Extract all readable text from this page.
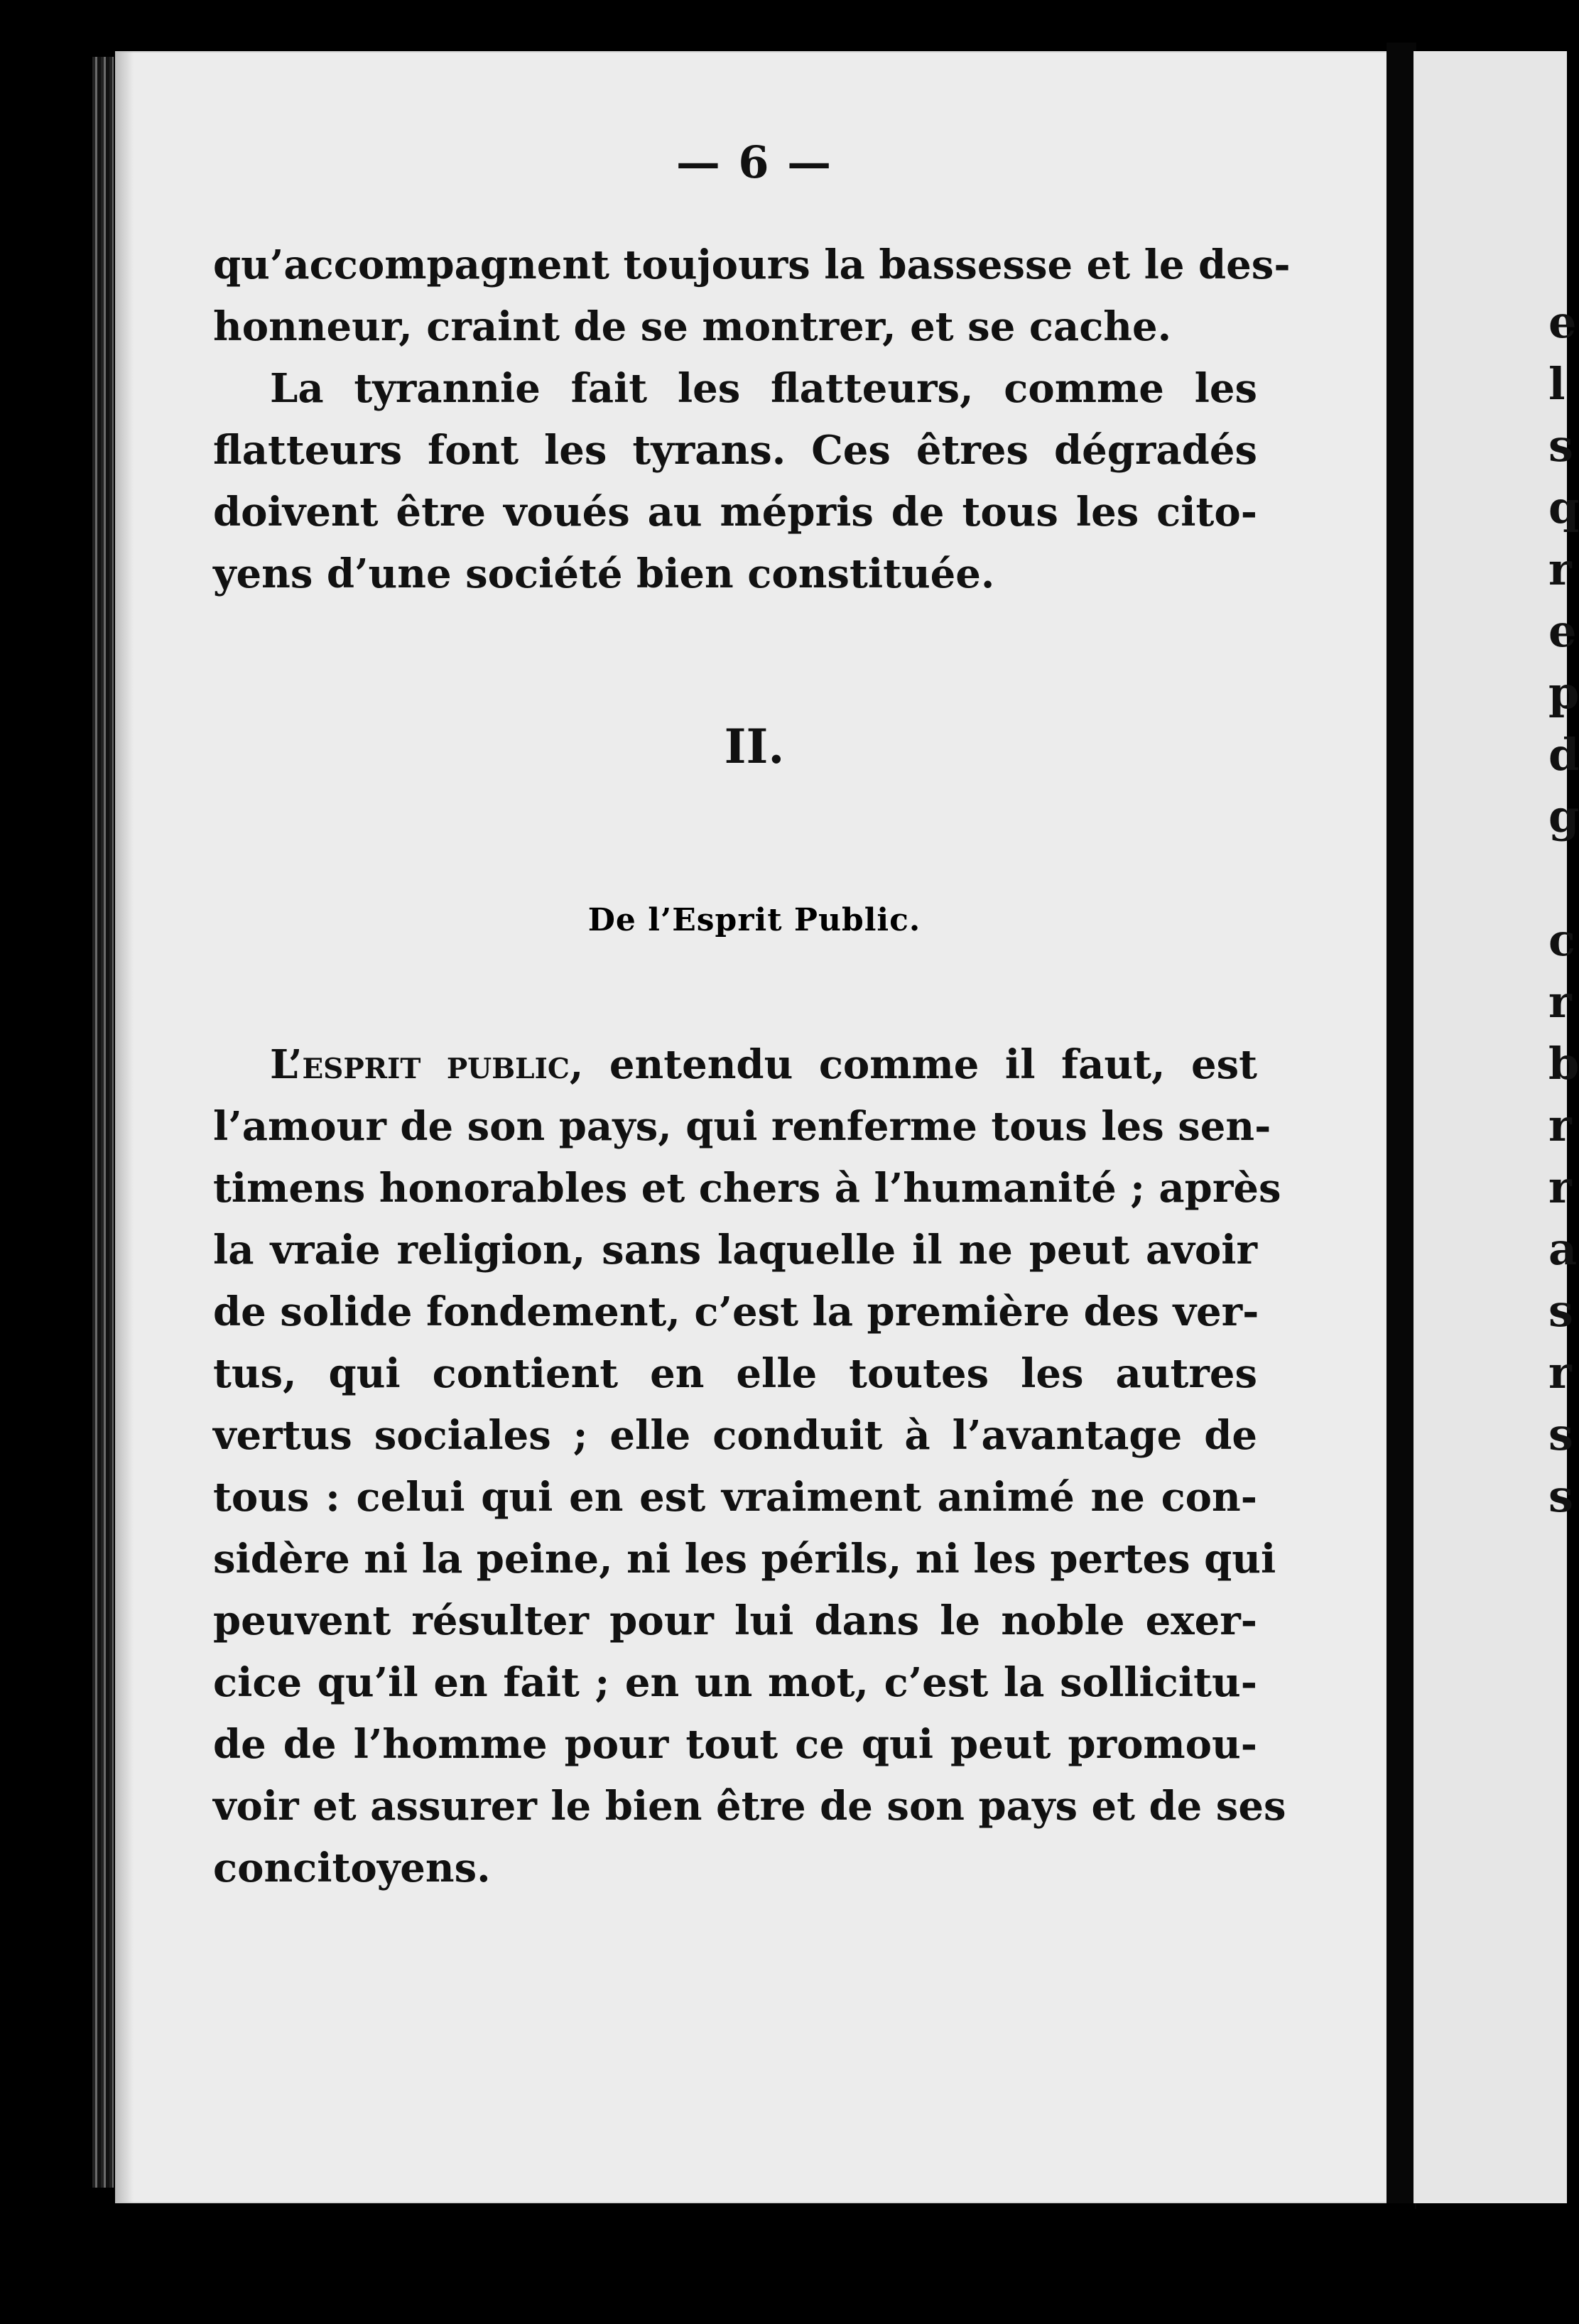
— 6 —
qu’accompagnent toujours la bassesse et le des-
honneur, craint de se montrer, et se cache.
La tyrannie fait les flatteurs, comme les
flatteurs font les tyrans. Ces êtres dégradés
doivent être voués au mépris de tous les cito-
yens d’une société bien constituée.
II.
De l’Esprit Public.
L’esprit public, entendu comme il faut, est
l’amour de son pays, qui renferme tous les sen-
timens honorables et chers à l’humanité ; après
la vraie religion, sans laquelle il ne peut avoir
de solide fondement, c’est la première des ver-
tus, qui contient en elle toutes les autres
vertus sociales ; elle conduit à l’avantage de
tous : celui qui en est vraiment animé ne con-
sidère ni la peine, ni les périls, ni les pertes qui
peuvent résulter pour lui dans le noble exer-
cice qu’il en fait ; en un mot, c’est la sollicitu-
de de l’homme pour tout ce qui peut promou-
voir et assurer le bien être de son pays et de ses
concitoyens.
e
l
s
q
r
e
p
d
g

c
r
b
r
r
a
s
r
s
s
